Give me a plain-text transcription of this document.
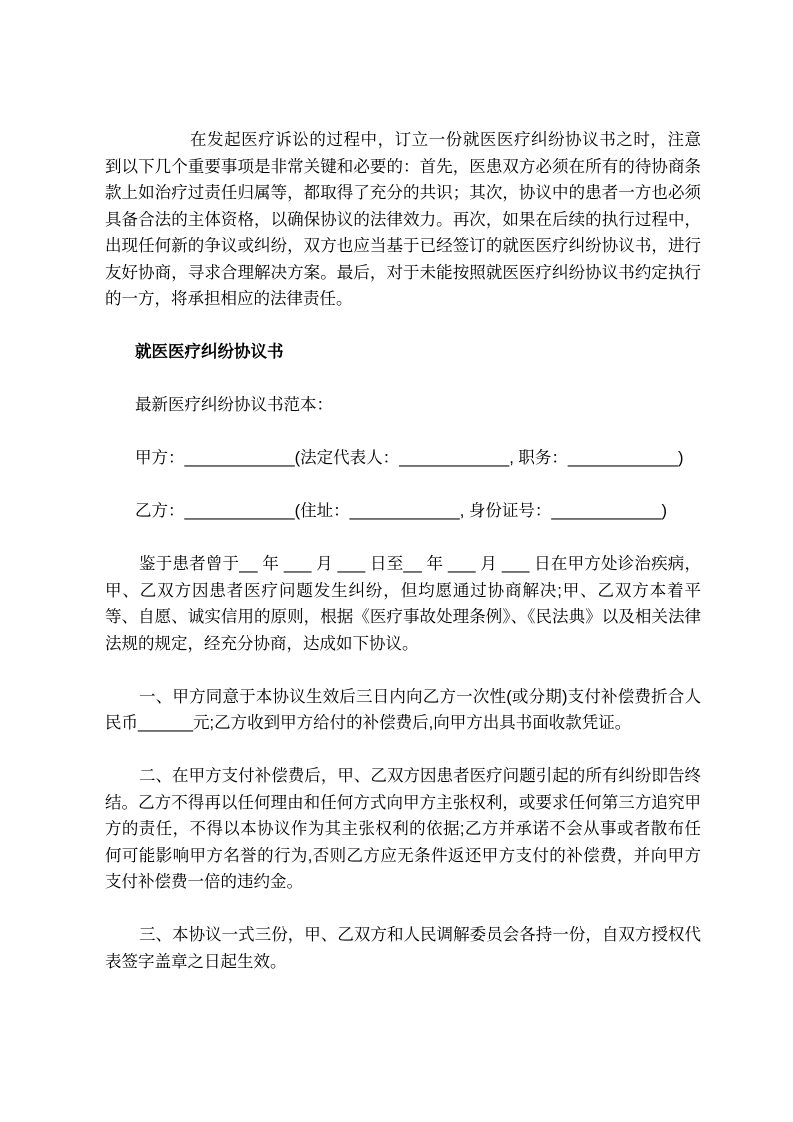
在发起医疗诉讼的过程中，订立一份就医医疗纠纷协议书之时，注意到以下几个重要事项是非常关键和必要的：首先，医患双方必须在所有的待协商条款上如治疗过责任归属等，都取得了充分的共识；其次，协议中的患者一方也必须具备合法的主体资格，以确保协议的法律效力。再次，如果在后续的执行过程中，出现任何新的争议或纠纷，双方也应当基于已经签订的就医医疗纠纷协议书，进行友好协商，寻求合理解决方案。最后，对于未能按照就医医疗纠纷协议书约定执行的一方，将承担相应的法律责任。

就医医疗纠纷协议书

最新医疗纠纷协议书范本：

甲方：____________(法定代表人：____________, 职务：____________)

乙方：____________(住址：____________, 身份证号：____________)

鉴于患者曾于__ 年 ___ 月 ___ 日至__ 年 ___ 月 ___ 日在甲方处诊治疾病，甲、乙双方因患者医疗问题发生纠纷，但均愿通过协商解决;甲、乙双方本着平等、自愿、诚实信用的原则，根据《医疗事故处理条例》、《民法典》以及相关法律法规的规定，经充分协商，达成如下协议。

一、甲方同意于本协议生效后三日内向乙方一次性(或分期)支付补偿费折合人民币______元;乙方收到甲方给付的补偿费后,向甲方出具书面收款凭证。

二、在甲方支付补偿费后，甲、乙双方因患者医疗问题引起的所有纠纷即告终结。乙方不得再以任何理由和任何方式向甲方主张权利，或要求任何第三方追究甲方的责任，不得以本协议作为其主张权利的依据;乙方并承诺不会从事或者散布任何可能影响甲方名誉的行为,否则乙方应无条件返还甲方支付的补偿费，并向甲方支付补偿费一倍的违约金。

三、本协议一式三份，甲、乙双方和人民调解委员会各持一份，自双方授权代表签字盖章之日起生效。
